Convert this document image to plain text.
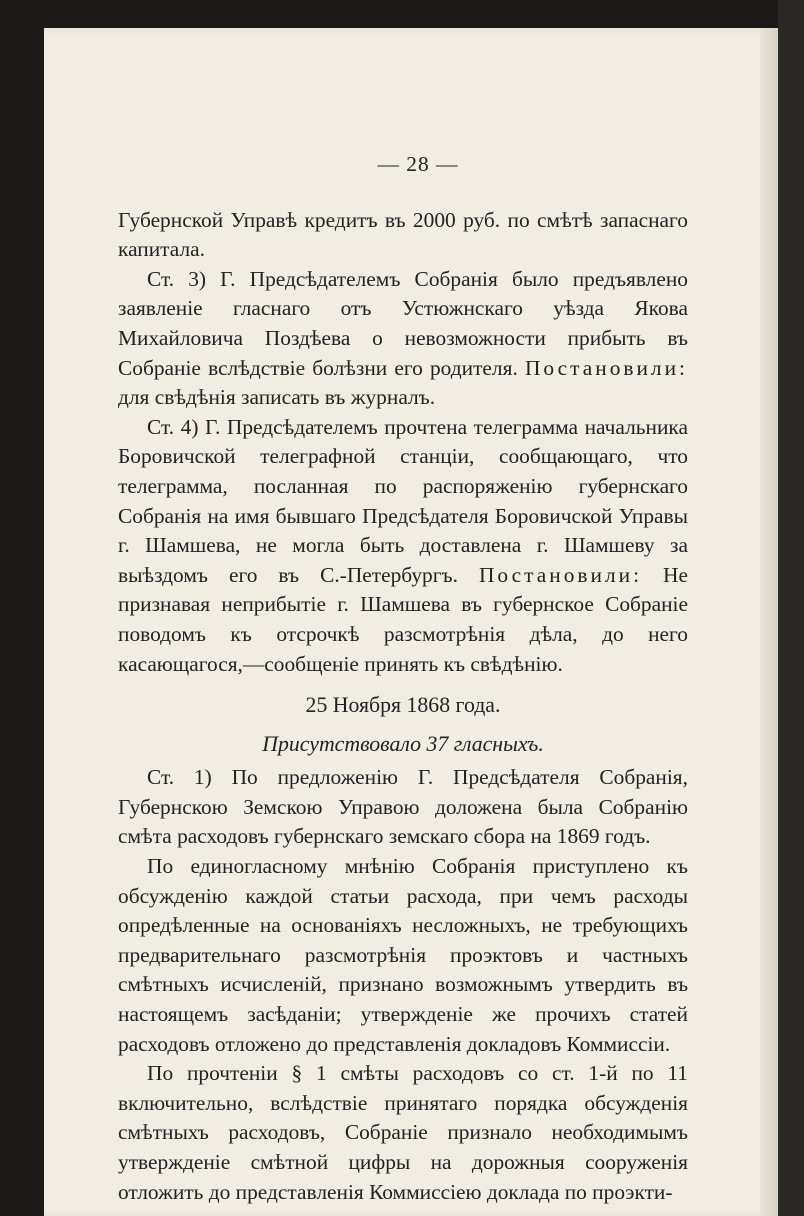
— 28 —

Губернской Управѣ кредитъ въ 2000 руб. по смѣтѣ запаснаго капитала.

Ст. 3) Г. Предсѣдателемъ Собранія было предъявлено заявленіе гласнаго отъ Устюжнскаго уѣзда Якова Михайловича Поздѣева о невозможности прибыть въ Собраніе вслѣдствіе болѣзни его родителя. Постановили: для свѣдѣнія записать въ журналъ.

Ст. 4) Г. Предсѣдателемъ прочтена телеграмма начальника Боровичской телеграфной станціи, сообщающаго, что телеграмма, посланная по распоряженію губернскаго Собранія на имя бывшаго Предсѣдателя Боровичской Управы г. Шамшева, не могла быть доставлена г. Шамшеву за выѣздомъ его въ С.-Петербургъ. Постановили: Не признавая неприбытіе г. Шамшева въ губернское Собраніе поводомъ къ отсрочкѣ разсмотрѣнія дѣла, до него касающагося,—сообщеніе принять къ свѣдѣнію.

25 Ноября 1868 года.
Присутствовало 37 гласныхъ.

Ст. 1) По предложенію Г. Предсѣдателя Собранія, Губернскою Земскою Управою доложена была Собранію смѣта расходовъ губернскаго земскаго сбора на 1869 годъ.

По единогласному мнѣнію Собранія приступлено къ обсужденію каждой статьи расхода, при чемъ расходы опредѣленные на основаніяхъ несложныхъ, не требующихъ предварительнаго разсмотрѣнія проэктовъ и частныхъ смѣтныхъ исчисленій, признано возможнымъ утвердить въ настоящемъ засѣданіи; утвержденіе же прочихъ статей расходовъ отложено до представленія докладовъ Коммиссіи.

По прочтеніи § 1 смѣты расходовъ со ст. 1-й по 11 включительно, вслѣдствіе принятаго порядка обсужденія смѣтныхъ расходовъ, Собраніе признало необходимымъ утвержденіе смѣтной цифры на дорожныя сооруженія отложить до представленія Коммиссіею доклада по проэкти-
